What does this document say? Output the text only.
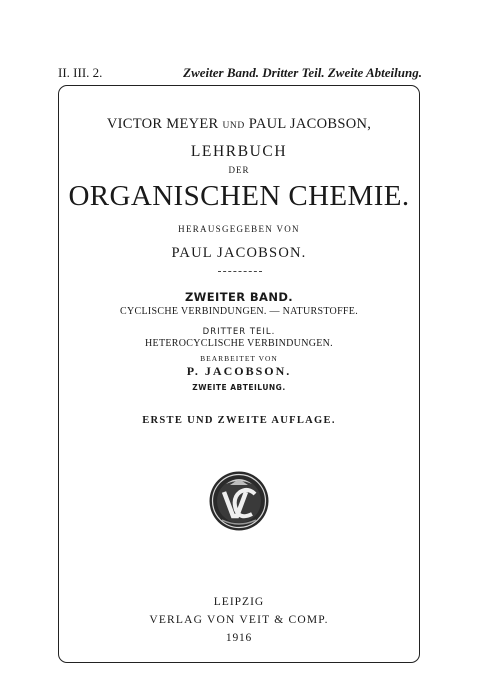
II. III. 2.	Zweiter Band. Dritter Teil. Zweite Abteilung.
VICTOR MEYER UND PAUL JACOBSON,
LEHRBUCH
DER
ORGANISCHEN CHEMIE.
HERAUSGEGEBEN VON
PAUL JACOBSON.
ZWEITER BAND.
CYCLISCHE VERBINDUNGEN. — NATURSTOFFE.
DRITTER TEIL.
HETEROCYCLISCHE VERBINDUNGEN.
BEARBEITET VON
P. JACOBSON.
ZWEITE ABTEILUNG.
ERSTE UND ZWEITE AUFLAGE.
LEIPZIG
VERLAG VON VEIT & COMP.
1916
